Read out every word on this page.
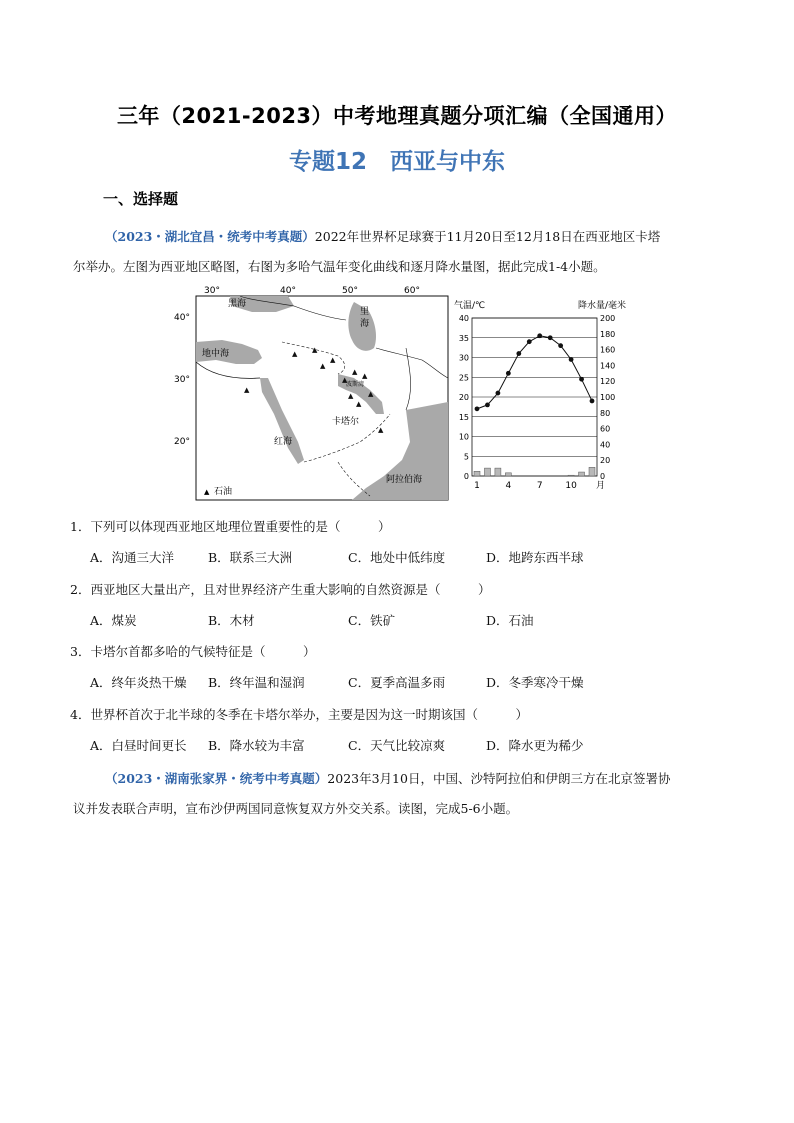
三年（2021-2023）中考地理真题分项汇编（全国通用）
专题12　西亚与中东
一、选择题
（2023・湖北宜昌・统考中考真题）2022年世界杯足球赛于11月20日至12月18日在西亚地区卡塔
尔举办。左图为西亚地区略图，右图为多哈气温年变化曲线和逐月降水量图，据此完成1-4小题。
30°	40°	50°	60°
40°
30°
20°
黑海
里
海
地中海
红海
卡塔尔
波斯湾
阿拉伯海
▲
▲
▲
▲
▲ ▲
▲
▲
▲
▲
▲
▲
▲ 石油
气温/℃	降水量/毫米
0
5
10
15
20
25
30
35
40
0
20
40
60
80
100
120
140
160
180
200
1	4	7	10 月
1．下列可以体现西亚地区地理位置重要性的是（　　　）
A．沟通三大洋	B．联系三大洲	C．地处中低纬度	D．地跨东西半球
2．西亚地区大量出产，且对世界经济产生重大影响的自然资源是（　　　）
A．煤炭	B．木材	C．铁矿	D．石油
3．卡塔尔首都多哈的气候特征是（　　　）
A．终年炎热干燥 B．终年温和湿润	C．夏季高温多雨	D．冬季寒冷干燥
4．世界杯首次于北半球的冬季在卡塔尔举办，主要是因为这一时期该国（　　　）
A．白昼时间更长 B．降水较为丰富	C．天气比较凉爽	D．降水更为稀少
（2023・湖南张家界・统考中考真题）2023年3月10日，中国、沙特阿拉伯和伊朗三方在北京签署协
议并发表联合声明，宣布沙伊两国同意恢复双方外交关系。读图，完成5-6小题。
